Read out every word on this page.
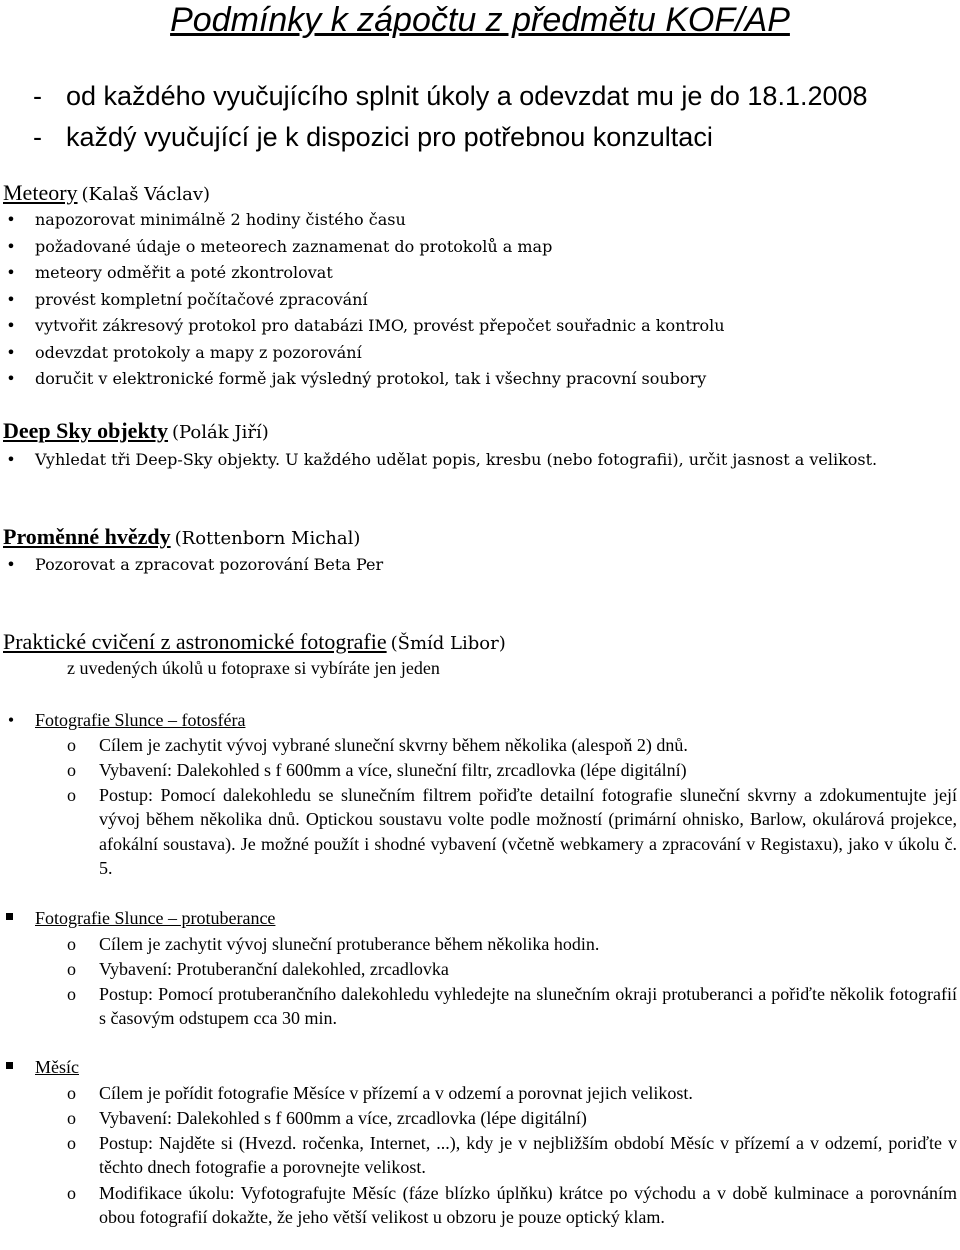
Podmínky k zápočtu z předmětu KOF/AP
- od každého vyučujícího splnit úkoly a odevzdat mu je do 18.1.2008
- každý vyučující je k dispozici pro potřebnou konzultaci
Meteory (Kalaš Václav)
• napozorovat minimálně 2 hodiny čistého času
• požadované údaje o meteorech zaznamenat do protokolů a map
• meteory odměřit a poté zkontrolovat
• provést kompletní počítačové zpracování
• vytvořit zákresový protokol pro databázi IMO, provést přepočet souřadnic a kontrolu
• odevzdat protokoly a mapy z pozorování
• doručit v elektronické formě jak výsledný protokol, tak i všechny pracovní soubory
Deep Sky objekty (Polák Jiří)
• Vyhledat tři Deep-Sky objekty. U každého udělat popis, kresbu (nebo fotografii), určit jasnost a velikost.
Proměnné hvězdy (Rottenborn Michal)
• Pozorovat a zpracovat pozorování Beta Per
Praktické cvičení z astronomické fotografie (Šmíd Libor)
z uvedených úkolů u fotopraxe si vybíráte jen jeden
• Fotografie Slunce – fotosféra
o Cílem je zachytit vývoj vybrané sluneční skvrny během několika (alespoň 2) dnů.
o Vybavení: Dalekohled s f 600mm a více, sluneční filtr, zrcadlovka (lépe digitální)
o Postup: Pomocí dalekohledu se slunečním filtrem pořiďte detailní fotografie sluneční skvrny a zdokumentujte její vývoj během několika dnů. Optickou soustavu volte podle možností (primární ohnisko, Barlow, okulárová projekce, afokální soustava). Je možné použít i shodné vybavení (včetně webkamery a zpracování v Registaxu), jako v úkolu č. 5.
Fotografie Slunce – protuberance
o Cílem je zachytit vývoj sluneční protuberance během několika hodin.
o Vybavení: Protuberanční dalekohled, zrcadlovka
o Postup: Pomocí protuberančního dalekohledu vyhledejte na slunečním okraji protuberanci a pořiďte několik fotografií s časovým odstupem cca 30 min.
Měsíc
o Cílem je pořídit fotografie Měsíce v přízemí a v odzemí a porovnat jejich velikost.
o Vybavení: Dalekohled s f 600mm a více, zrcadlovka (lépe digitální)
o Postup: Najděte si (Hvezd. ročenka, Internet, ...), kdy je v nejbližším období Měsíc v přízemí a v odzemí, poriďte v těchto dnech fotografie a porovnejte velikost.
o Modifikace úkolu: Vyfotografujte Měsíc (fáze blízko úplňku) krátce po východu a v době kulminace a porovnáním obou fotografií dokažte, že jeho větší velikost u obzoru je pouze optický klam.
